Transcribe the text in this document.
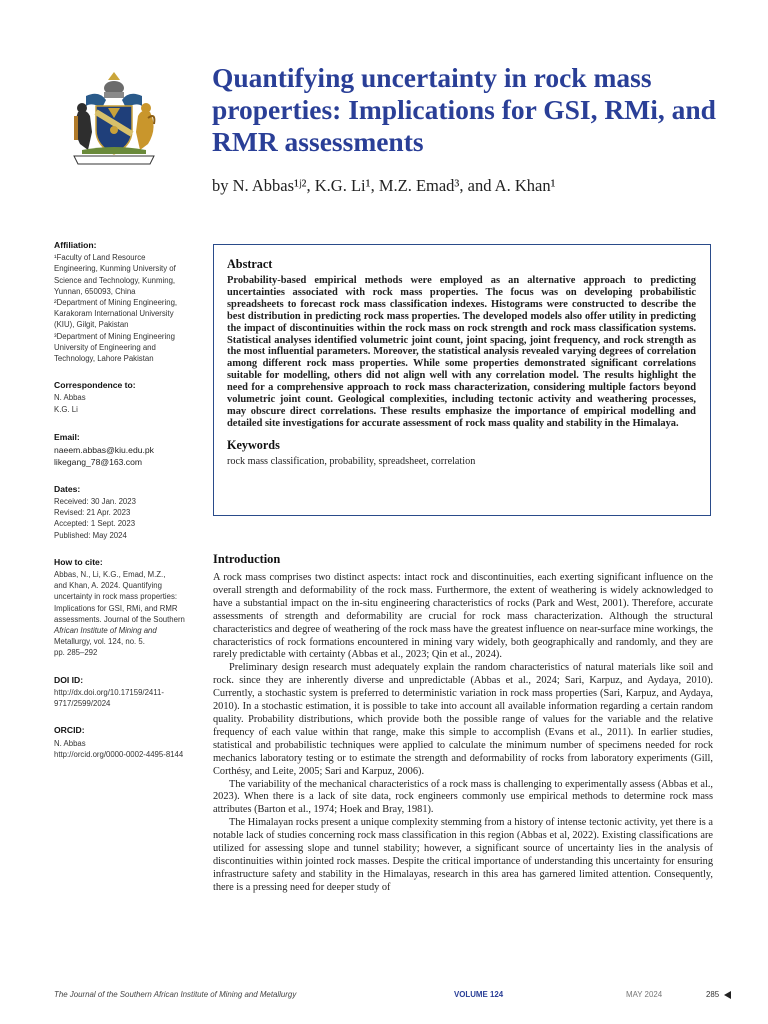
Quantifying uncertainty in rock mass properties: Implications for GSI, RMi, and RMR assessments

by N. Abbas¹ʲ², K.G. Li¹, M.Z. Emad³, and A. Khan¹

Affiliation:
¹Faculty of Land Resource
Engineering, Kunming University of
Science and Technology, Kunming,
Yunnan, 650093, China
²Department of Mining Engineering,
Karakoram International University
(KIU), Gilgit, Pakistan
³Department of Mining Engineering
University of Engineering and
Technology, Lahore Pakistan
Correspondence to:
N. Abbas
K.G. Li
Email:
naeem.abbas@kiu.edu.pk
likegang_78@163.com
Dates:
Received: 30 Jan. 2023
Revised: 21 Apr. 2023
Accepted: 1 Sept. 2023
Published: May 2024
How to cite:
Abbas, N., Li, K.G., Emad, M.Z.,
and Khan, A. 2024. Quantifying
uncertainty in rock mass properties:
Implications for GSI, RMi, and RMR
assessments. Journal of the Southern
African Institute of Mining and
Metallurgy, vol. 124, no. 5.
pp. 285–292
DOI ID:
http://dx.doi.org/10.17159/2411-
9717/2599/2024
ORCID:
N. Abbas
http://orcid.org/0000-0002-4495-8144
Abstract

Probability-based empirical methods were employed as an alternative approach to predicting uncertainties associated with rock mass properties. The focus was on developing probabilistic spreadsheets to forecast rock mass classification indexes. Histograms were constructed to describe the best distribution in predicting rock mass properties. The developed models also offer utility in predicting the impact of discontinuities within the rock mass on rock strength and rock mass classification systems. Statistical analyses identified volumetric joint count, joint spacing, joint frequency, and rock strength as the most influential parameters. Moreover, the statistical analysis revealed varying degrees of correlation among different rock mass properties. While some properties demonstrated significant correlations suitable for modelling, others did not align well with any correlation model. The results highlight the need for a comprehensive approach to rock mass characterization, considering multiple factors beyond volumetric joint count. Geological complexities, including tectonic activity and weathering processes, may obscure direct correlations. These results emphasize the importance of empirical modelling and detailed site investigations for accurate assessment of rock mass quality and stability in the Himalaya.

Keywords

rock mass classification, probability, spreadsheet, correlation

Introduction

A rock mass comprises two distinct aspects: intact rock and discontinuities, each exerting significant influence on the overall strength and deformability of the rock mass. Furthermore, the extent of weathering is widely acknowledged to have a substantial impact on the in-situ engineering characteristics of rocks (Park and West, 2001). Therefore, accurate assessments of strength and deformability are crucial for rock mass characterization. Although the structural characteristics and degree of weathering of the rock mass have the greatest influence on near-surface mine workings, the characteristics of rock formations encountered in mining vary widely, both geographically and randomly, and they are rarely predictable with certainty (Abbas et al., 2023; Qin et al., 2024).

Preliminary design research must adequately explain the random characteristics of natural materials like soil and rock. since they are inherently diverse and unpredictable (Abbas et al., 2024; Sari, Karpuz, and Aydaya, 2010). Currently, a stochastic system is preferred to deterministic variation in rock mass properties (Sari, Karpuz, and Aydaya, 2010). In a stochastic estimation, it is possible to take into account all available information regarding a certain random quality. Probability distributions, which provide both the possible range of values for the variable and the relative frequency of each value within that range, make this simple to accomplish (Evans et al., 2011). In earlier studies, statistical and probabilistic techniques were applied to calculate the minimum number of specimens needed for rock mechanics laboratory testing or to estimate the strength and deformability of rocks from laboratory experiments (Gill, Corthésy, and Leite, 2005; Sari and Karpuz, 2006).

The variability of the mechanical characteristics of a rock mass is challenging to experimentally assess (Abbas et al., 2023). When there is a lack of site data, rock engineers commonly use empirical methods to determine rock mass attributes (Barton et al., 1974; Hoek and Bray, 1981).

The Himalayan rocks present a unique complexity stemming from a history of intense tectonic activity, yet there is a notable lack of studies concerning rock mass classification in this region (Abbas et al, 2022). Existing classifications are utilized for assessing slope and tunnel stability; however, a significant source of uncertainty lies in the analysis of discontinuities within jointed rock masses. Despite the critical importance of understanding this uncertainty for ensuring infrastructure safety and stability in the Himalayas, research in this area has garnered limited attention. Consequently, there is a pressing need for deeper study of

The Journal of the Southern African Institute of Mining and Metallurgy	VOLUME 124	MAY 2024	285
